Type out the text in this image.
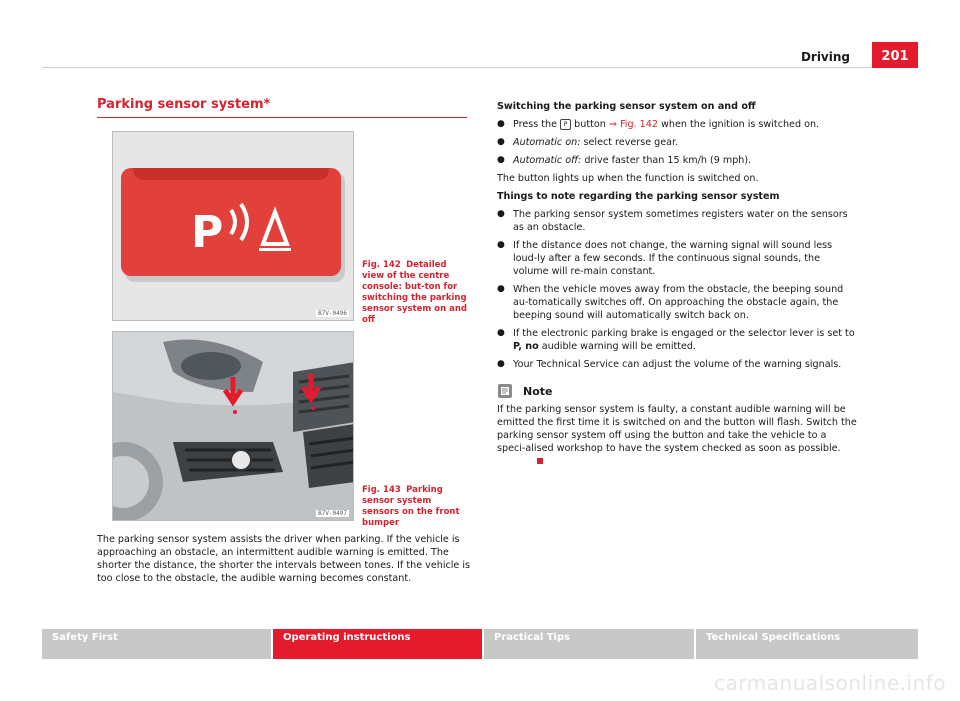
Driving	201
Parking sensor system*
P
B7V-0496
Fig. 142 Detailed view of the centre console: but-ton for switching the parking sensor system on and off
B7V-0497
Fig. 143 Parking sensor system sensors on the front bumper
The parking sensor system assists the driver when parking. If the vehicle is approaching an obstacle, an intermittent audible warning is emitted. The shorter the distance, the shorter the intervals between tones. If the vehicle is too close to the obstacle, the audible warning becomes constant.
Switching the parking sensor system on and off
● Press the P button ⇒ Fig. 142 when the ignition is switched on.
● Automatic on: select reverse gear.
● Automatic off: drive faster than 15 km/h (9 mph).

The button lights up when the function is switched on.

Things to note regarding the parking sensor system
● The parking sensor system sometimes registers water on the sensors as an obstacle.
● If the distance does not change, the warning signal will sound less loud-ly after a few seconds. If the continuous signal sounds, the volume will re-main constant.
● When the vehicle moves away from the obstacle, the beeping sound au-tomatically switches off. On approaching the obstacle again, the beeping sound will automatically switch back on.
● If the electronic parking brake is engaged or the selector lever is set to P, no audible warning will be emitted.
● Your Technical Service can adjust the volume of the warning signals.
Note

If the parking sensor system is faulty, a constant audible warning will be emitted the first time it is switched on and the button will flash. Switch the parking sensor system off using the button and take the vehicle to a speci-alised workshop to have the system checked as soon as possible.

Safety First	Operating instructions	Practical Tips	Technical Specifications
carmanualsonline.info
